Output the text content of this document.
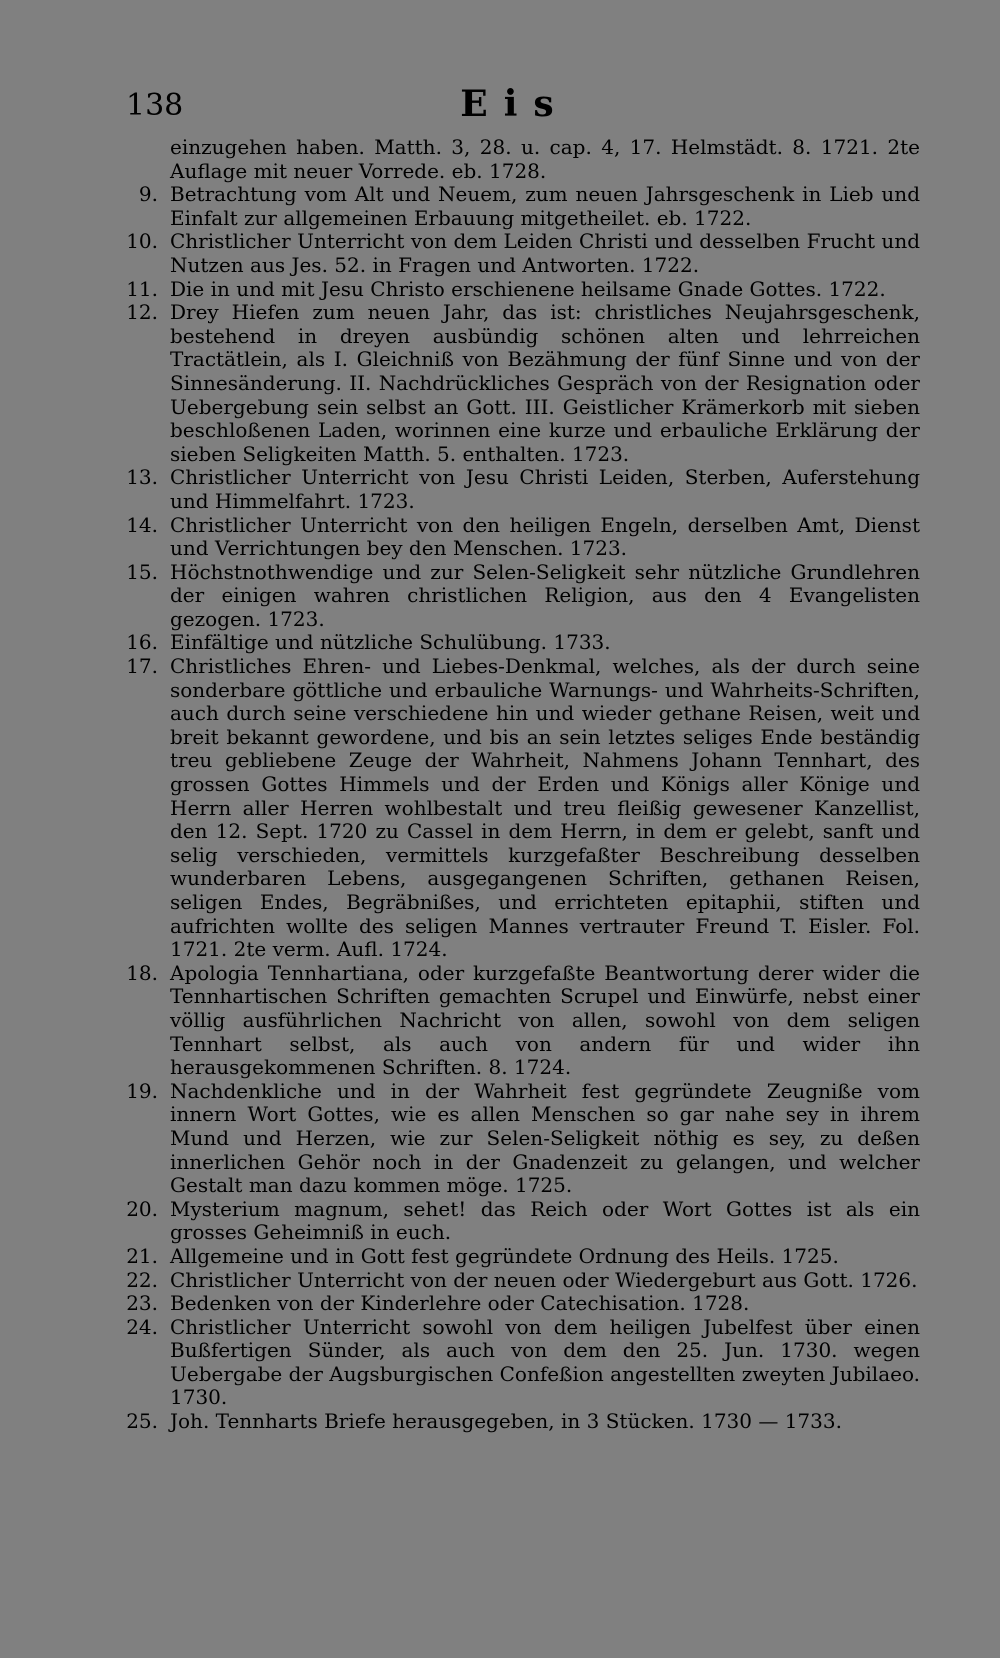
138	Eis
einzugehen haben. Matth. 3, 28. u. cap. 4, 17. Helmstädt. 8. 1721. 2te Auflage mit neuer Vorrede. eb. 1728.
9. Betrachtung vom Alt und Neuem, zum neuen Jahrsgeschenk in Lieb und Einfalt zur allgemeinen Erbauung mitgetheilet. eb. 1722.
10. Christlicher Unterricht von dem Leiden Christi und desselben Frucht und Nutzen aus Jes. 52. in Fragen und Antworten. 1722.
11. Die in und mit Jesu Christo erschienene heilsame Gnade Gottes. 1722.
12. Drey Hiefen zum neuen Jahr, das ist: christliches Neujahrsgeschenk, bestehend in dreyen ausbündig schönen alten und lehrreichen Tractätlein, als I. Gleichniß von Bezähmung der fünf Sinne und von der Sinnesänderung. II. Nachdrückliches Gespräch von der Resignation oder Uebergebung sein selbst an Gott. III. Geistlicher Krämerkorb mit sieben beschloßenen Laden, worinnen eine kurze und erbauliche Erklärung der sieben Seligkeiten Matth. 5. enthalten. 1723.
13. Christlicher Unterricht von Jesu Christi Leiden, Sterben, Auferstehung und Himmelfahrt. 1723.
14. Christlicher Unterricht von den heiligen Engeln, derselben Amt, Dienst und Verrichtungen bey den Menschen. 1723.
15. Höchstnothwendige und zur Selen-Seligkeit sehr nützliche Grundlehren der einigen wahren christlichen Religion, aus den 4 Evangelisten gezogen. 1723.
16. Einfältige und nützliche Schulübung. 1733.
17. Christliches Ehren- und Liebes-Denkmal, welches, als der durch seine sonderbare göttliche und erbauliche Warnungs- und Wahrheits-Schriften, auch durch seine verschiedene hin und wieder gethane Reisen, weit und breit bekannt gewordene, und bis an sein letztes seliges Ende beständig treu gebliebene Zeuge der Wahrheit, Nahmens Johann Tennhart, des grossen Gottes Himmels und der Erden und Königs aller Könige und Herrn aller Herren wohlbestalt und treu fleißig gewesener Kanzellist, den 12. Sept. 1720 zu Cassel in dem Herrn, in dem er gelebt, sanft und selig verschieden, vermittels kurzgefaßter Beschreibung desselben wunderbaren Lebens, ausgegangenen Schriften, gethanen Reisen, seligen Endes, Begräbnißes, und errichteten epitaphii, stiften und aufrichten wollte des seligen Mannes vertrauter Freund T. Eisler. Fol. 1721. 2te verm. Aufl. 1724.
18. Apologia Tennhartiana, oder kurzgefaßte Beantwortung derer wider die Tennhartischen Schriften gemachten Scrupel und Einwürfe, nebst einer völlig ausführlichen Nachricht von allen, sowohl von dem seligen Tennhart selbst, als auch von andern für und wider ihn herausgekommenen Schriften. 8. 1724.
19. Nachdenkliche und in der Wahrheit fest gegründete Zeugniße vom innern Wort Gottes, wie es allen Menschen so gar nahe sey in ihrem Mund und Herzen, wie zur Selen-Seligkeit nöthig es sey, zu deßen innerlichen Gehör noch in der Gnadenzeit zu gelangen, und welcher Gestalt man dazu kommen möge. 1725.
20. Mysterium magnum, sehet! das Reich oder Wort Gottes ist als ein grosses Geheimniß in euch.
21. Allgemeine und in Gott fest gegründete Ordnung des Heils. 1725.
22. Christlicher Unterricht von der neuen oder Wiedergeburt aus Gott. 1726.
23. Bedenken von der Kinderlehre oder Catechisation. 1728.
24. Christlicher Unterricht sowohl von dem heiligen Jubelfest über einen Bußfertigen Sünder, als auch von dem den 25. Jun. 1730. wegen Uebergabe der Augsburgischen Confeßion angestellten zweyten Jubilaeo. 1730.
25. Joh. Tennharts Briefe herausgegeben, in 3 Stücken. 1730 — 1733.
